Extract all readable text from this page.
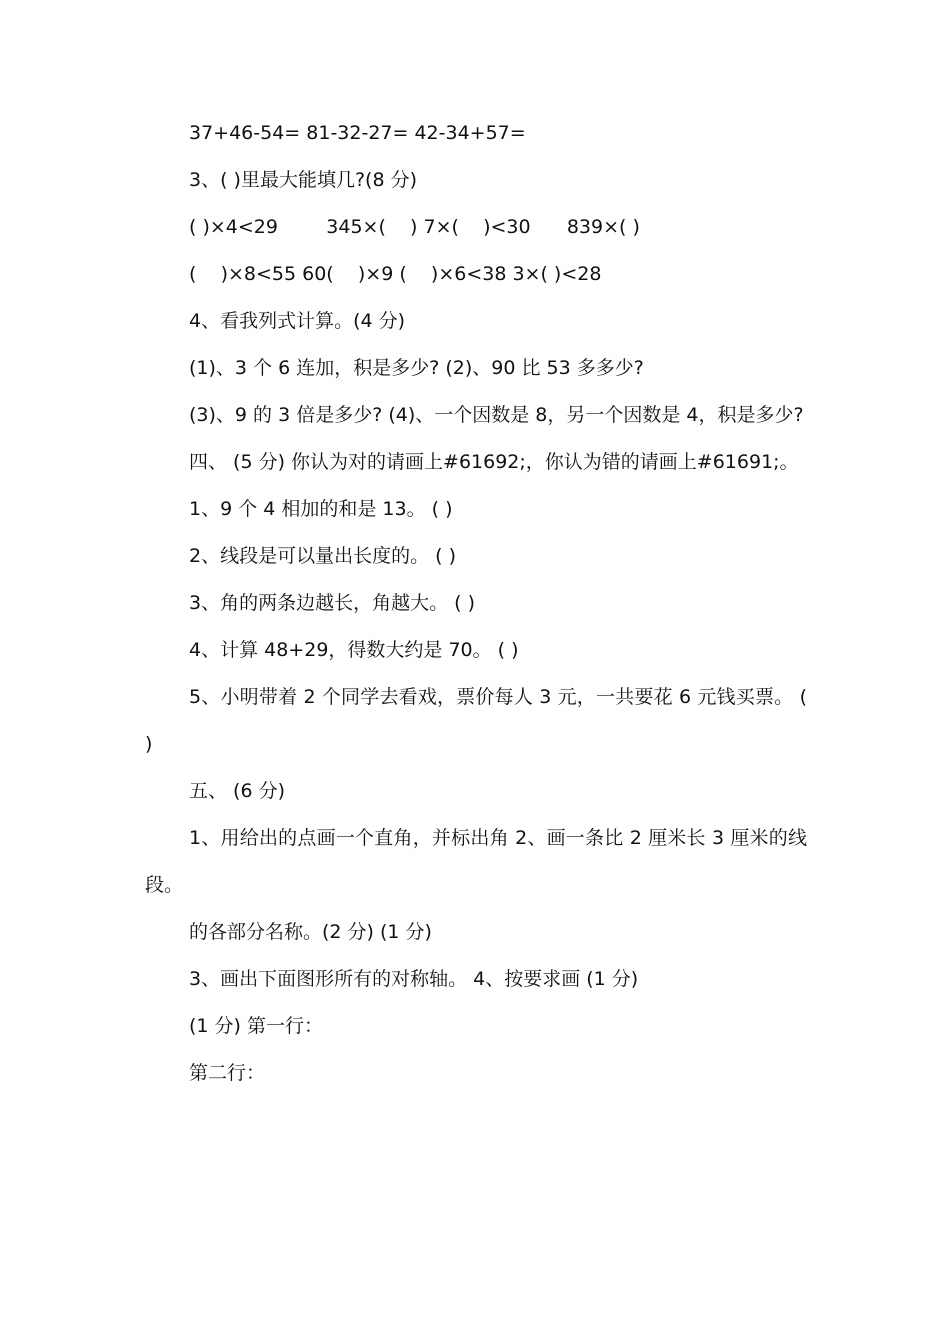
37+46-54= 81-32-27= 42-34+57=

3、( )里最大能填几?(8 分)

( )×4<29        345×(    ) 7×(    )<30      839×( )

(    )×8<55 60(    )×9 (    )×6<38 3×( )<28

4、看我列式计算。(4 分)

(1)、3 个 6 连加，积是多少? (2)、90 比 53 多多少?

(3)、9 的 3 倍是多少? (4)、一个因数是 8，另一个因数是 4，积是多少?

四、 (5 分) 你认为对的请画上#61692;，你认为错的请画上#61691;。

1、9 个 4 相加的和是 13。 ( )

2、线段是可以量出长度的。 ( )

3、角的两条边越长，角越大。 ( )

4、计算 48+29，得数大约是 70。 ( )

5、小明带着 2 个同学去看戏，票价每人 3 元，一共要花 6 元钱买票。 ( )

五、 (6 分)

1、用给出的点画一个直角，并标出角 2、画一条比 2 厘米长 3 厘米的线段。

的各部分名称。(2 分) (1 分)

3、画出下面图形所有的对称轴。 4、按要求画 (1 分)

(1 分) 第一行：

第二行：
